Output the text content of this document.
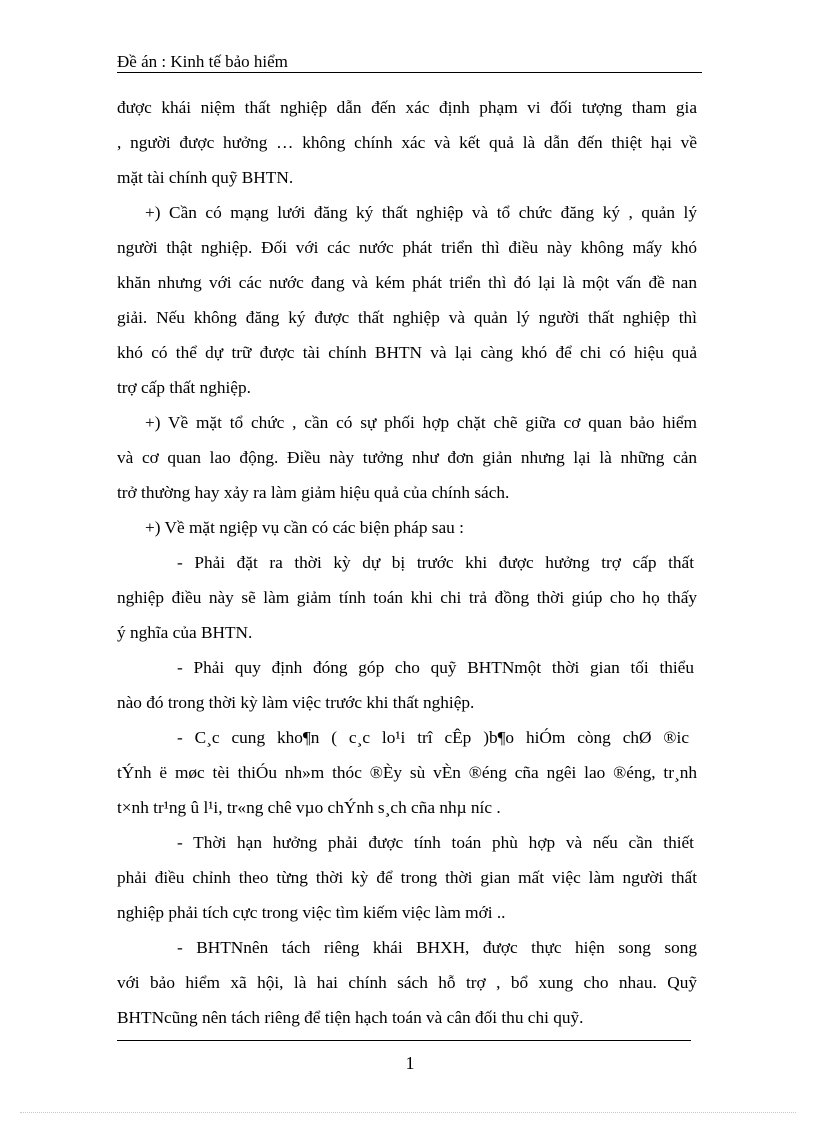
Đề án : Kinh tế bảo hiểm
được khái niệm thất nghiệp dẫn đến xác định phạm vi đối tượng tham gia
, người được hưởng … không chính xác và kết quả là dẫn đến thiệt hại về
mặt tài chính quỹ BHTN.
+) Cần có mạng lưới đăng ký thất nghiệp và tổ chức đăng ký , quản lý
người thật nghiệp. Đối với các nước phát triển thì điều này không mấy khó
khăn nhưng với các nước đang và kém phát triển thì đó lại là một vấn đề nan
giải. Nếu không đăng ký được thất nghiệp và quản lý người thất nghiệp thì
khó có thể dự trữ được tài chính BHTN và lại càng khó để chi có hiệu quả
trợ cấp thất nghiệp.
+) Về mặt tổ chức , cần có sự phối hợp chặt chẽ giữa cơ quan bảo hiểm
và cơ quan lao động. Điều này tưởng như đơn giản nhưng lại là những cản
trở thường hay xảy ra làm giảm hiệu quả của chính sách.
+) Về mặt ngiệp vụ cần có các biện pháp sau :
- Phải đặt ra thời kỳ dự bị trước khi được hưởng trợ cấp thất
nghiệp điều này sẽ làm giảm tính toán khi chi trả đồng thời giúp cho họ thấy
ý nghĩa của BHTN.
- Phải quy định đóng góp cho quỹ BHTNmột thời gian tối thiểu
nào đó trong thời kỳ làm việc trước khi thất nghiệp.
- C¸c cung kho¶n ( c¸c lo¹i trî cÊp )b¶o hiÓm còng chØ ®ic
tÝnh ë møc tèi thiÓu nh»m thóc ®Èy sù vÈn ®éng cña ngêi lao ®éng, tr¸nh
t×nh tr¹ng û l¹i, tr«ng chê vµo chÝnh s¸ch cña nhµ níc .
- Thời hạn hưởng phải được tính toán phù hợp và nếu cần thiết
phải điều chỉnh theo từng thời kỳ để trong thời gian mất việc làm người thất
nghiệp phải tích cực trong việc tìm kiếm việc làm mới ..
- BHTNnên tách riêng khái BHXH, được thực hiện song song
với bảo hiểm xã hội, là hai chính sách hỗ trợ , bổ xung cho nhau. Quỹ
BHTNcũng nên tách riêng để tiện hạch toán và cân đối thu chi quỹ.
1
